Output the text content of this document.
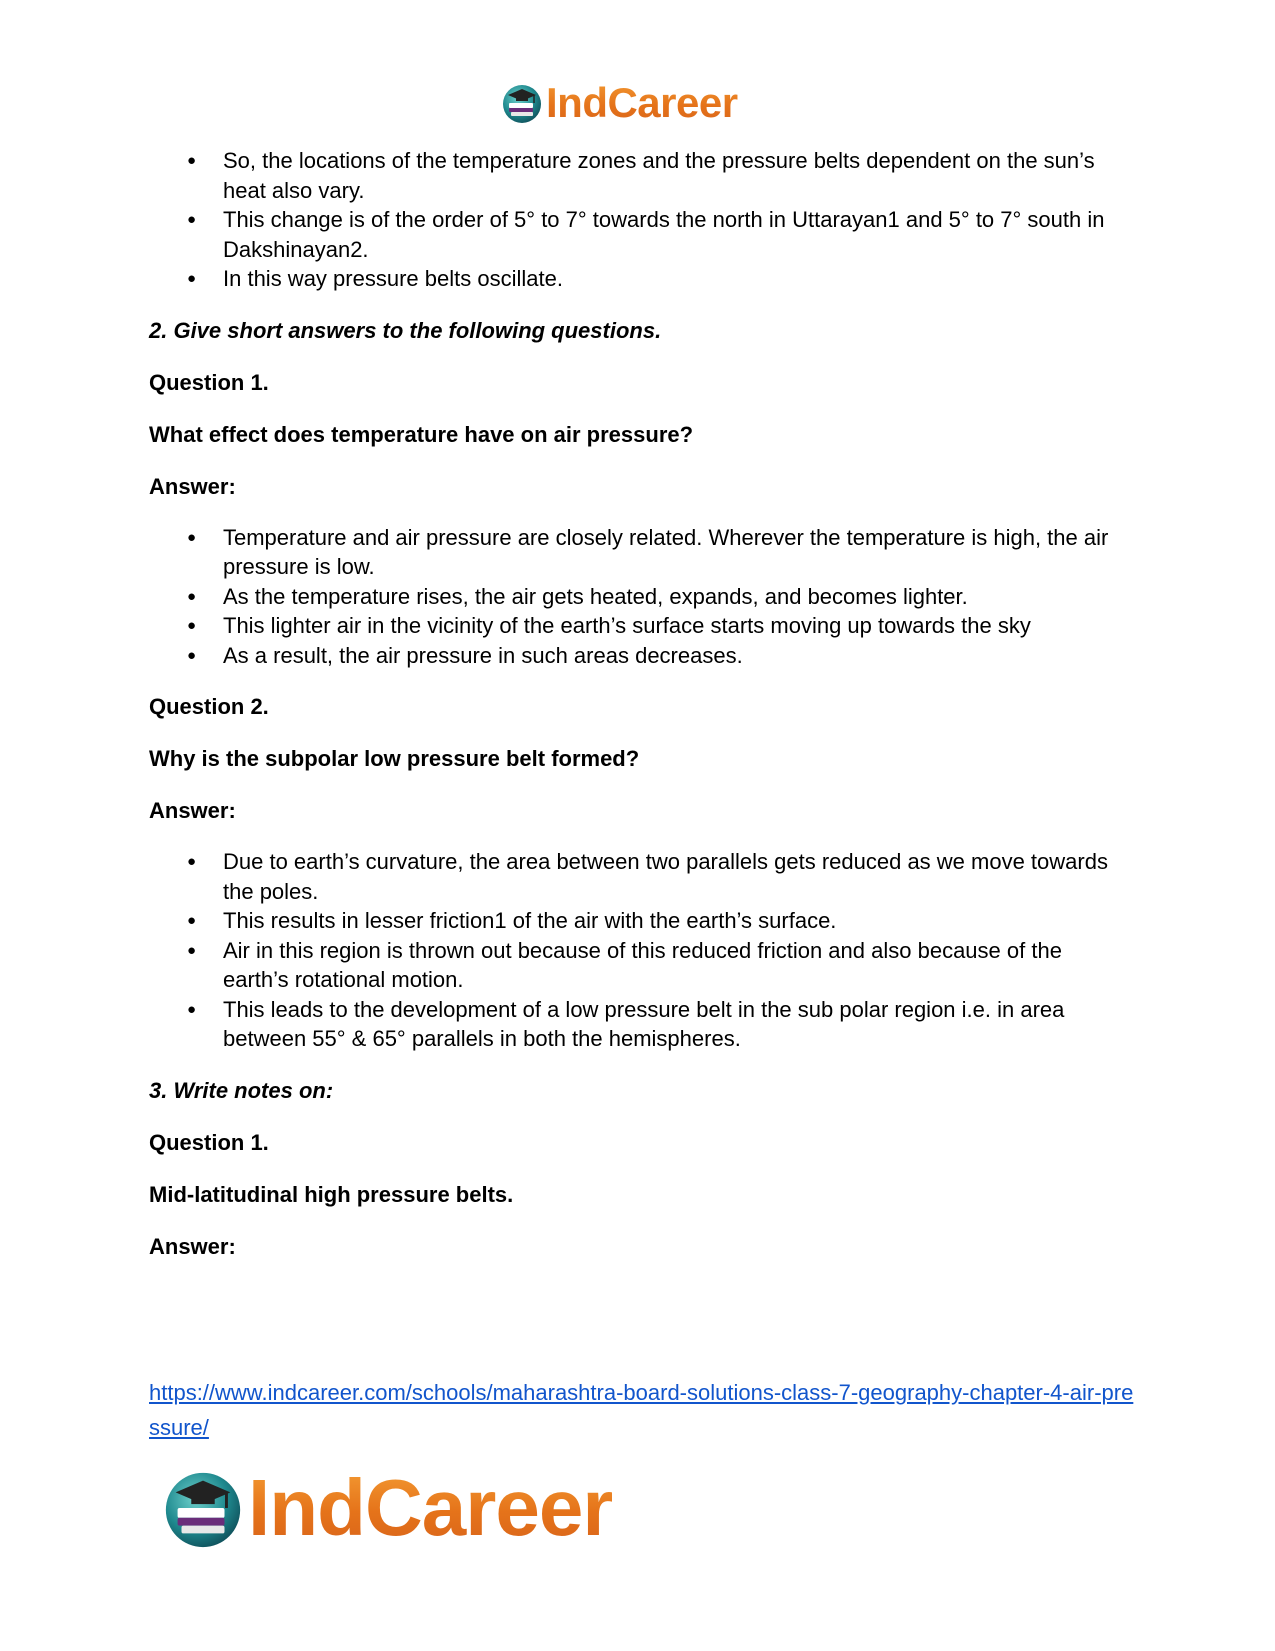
IndCareer
● So, the locations of the temperature zones and the pressure belts dependent on the sun’s heat also vary.
● This change is of the order of 5° to 7° towards the north in Uttarayan1 and 5° to 7° south in Dakshinayan2.
● In this way pressure belts oscillate.

2. Give short answers to the following questions.

Question 1.

What effect does temperature have on air pressure?

Answer:

● Temperature and air pressure are closely related. Wherever the temperature is high, the air pressure is low.
● As the temperature rises, the air gets heated, expands, and becomes lighter.
● This lighter air in the vicinity of the earth’s surface starts moving up towards the sky
● As a result, the air pressure in such areas decreases.

Question 2.

Why is the subpolar low pressure belt formed?

Answer:

● Due to earth’s curvature, the area between two parallels gets reduced as we move towards the poles.
● This results in lesser friction1 of the air with the earth’s surface.
● Air in this region is thrown out because of this reduced friction and also because of the earth’s rotational motion.
● This leads to the development of a low pressure belt in the sub polar region i.e. in area between 55° & 65° parallels in both the hemispheres.

3. Write notes on:

Question 1.

Mid-latitudinal high pressure belts.

Answer:

https://www.indcareer.com/schools/maharashtra-board-solutions-class-7-geography-chapter-4-air-pressure/
IndCareer
